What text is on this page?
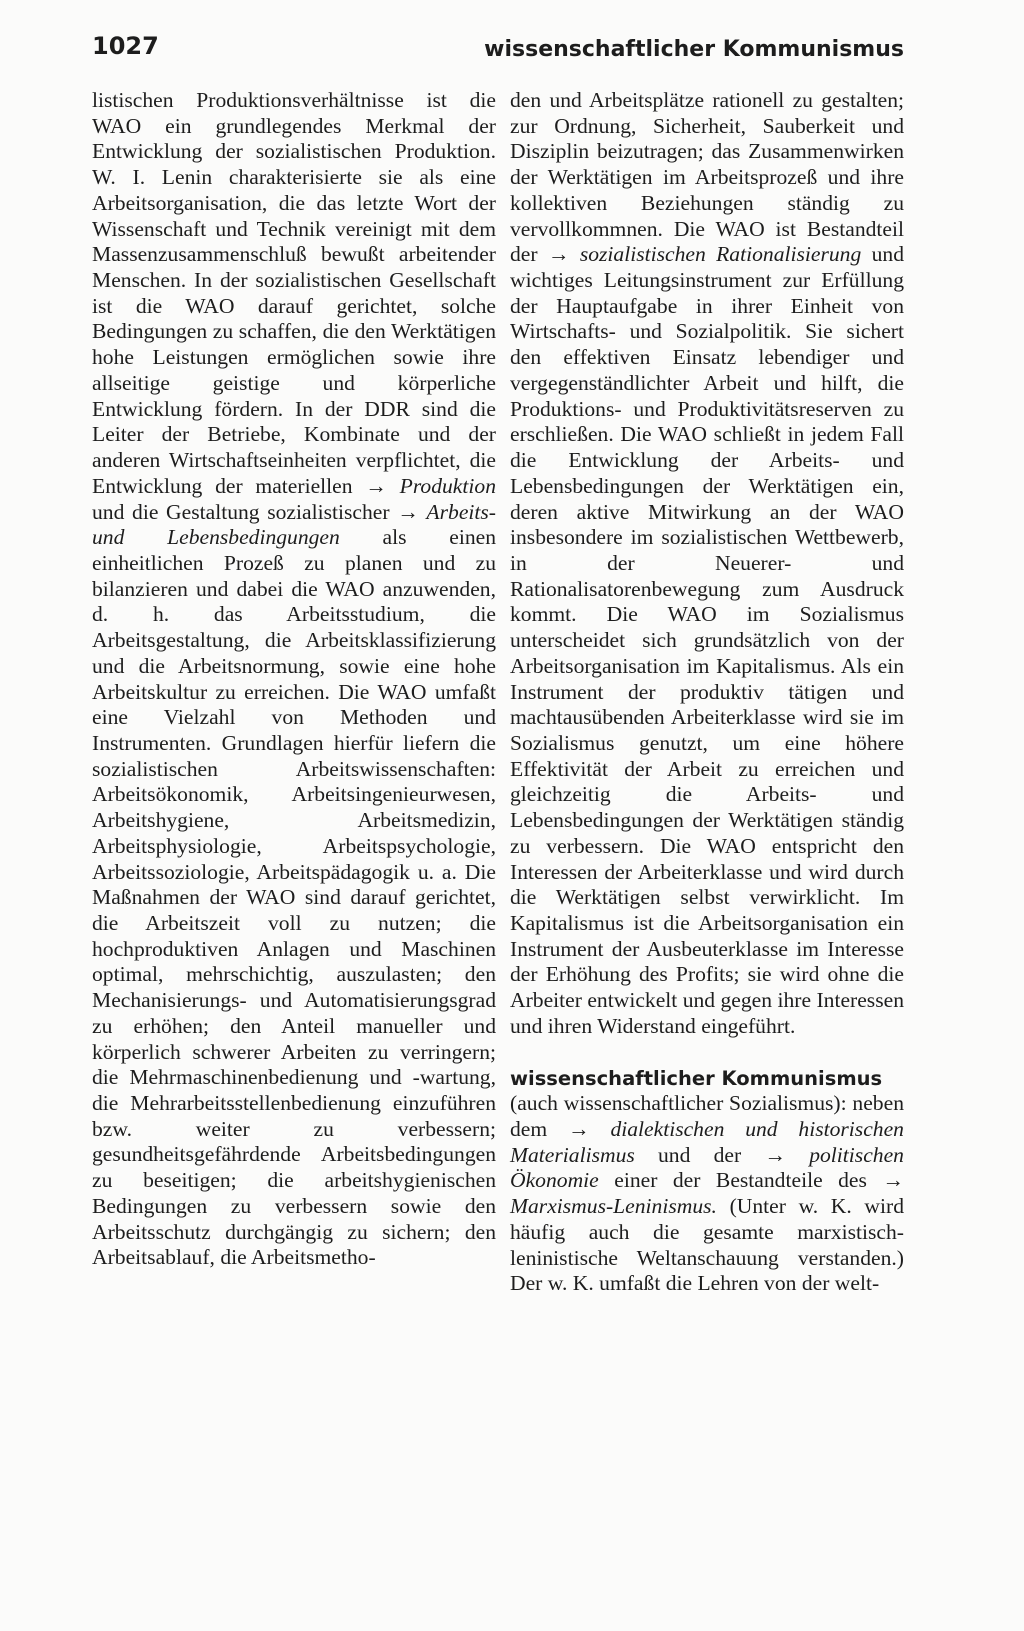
1027	wissenschaftlicher Kommunismus

listischen Produktionsverhältnisse ist die WAO ein grundlegendes Merkmal der Entwicklung der sozialistischen Produktion. W. I. Lenin charakterisierte sie als eine Arbeitsorganisation, die das letzte Wort der Wissenschaft und Technik vereinigt mit dem Massenzusammenschluß bewußt arbeitender Menschen. In der sozialistischen Gesellschaft ist die WAO darauf gerichtet, solche Bedingungen zu schaffen, die den Werktätigen hohe Leistungen ermöglichen sowie ihre allseitige geistige und körperliche Entwicklung fördern. In der DDR sind die Leiter der Betriebe, Kombinate und der anderen Wirtschaftseinheiten verpflichtet, die Entwicklung der materiellen → Produktion und die Gestaltung sozialistischer → Arbeits- und Lebensbedingungen als einen einheitlichen Prozeß zu planen und zu bilanzieren und dabei die WAO anzuwenden, d. h. das Arbeitsstudium, die Arbeitsgestaltung, die Arbeitsklassifizierung und die Arbeitsnormung, sowie eine hohe Arbeitskultur zu erreichen. Die WAO umfaßt eine Vielzahl von Methoden und Instrumenten. Grundlagen hierfür liefern die sozialistischen Arbeitswissenschaften: Arbeitsökonomik, Arbeitsingenieurwesen, Arbeitshygiene, Arbeitsmedizin, Arbeitsphysiologie, Arbeitspsychologie, Arbeitssoziologie, Arbeitspädagogik u. a. Die Maßnahmen der WAO sind darauf gerichtet, die Arbeitszeit voll zu nutzen; die hochproduktiven Anlagen und Maschinen optimal, mehrschichtig, auszulasten; den Mechanisierungs- und Automatisierungsgrad zu erhöhen; den Anteil manueller und körperlich schwerer Arbeiten zu verringern; die Mehrmaschinenbedienung und -wartung, die Mehrarbeitsstellenbedienung einzuführen bzw. weiter zu verbessern; gesundheitsgefährdende Arbeitsbedingungen zu beseitigen; die arbeitshygienischen Bedingungen zu verbessern sowie den Arbeitsschutz durchgängig zu sichern; den Arbeitsablauf, die Arbeitsmetho-

den und Arbeitsplätze rationell zu gestalten; zur Ordnung, Sicherheit, Sauberkeit und Disziplin beizutragen; das Zusammenwirken der Werktätigen im Arbeitsprozeß und ihre kollektiven Beziehungen ständig zu vervollkommnen. Die WAO ist Bestandteil der → sozialistischen Rationalisierung und wichtiges Leitungsinstrument zur Erfüllung der Hauptaufgabe in ihrer Einheit von Wirtschafts- und Sozialpolitik. Sie sichert den effektiven Einsatz lebendiger und vergegenständlichter Arbeit und hilft, die Produktions- und Produktivitätsreserven zu erschließen. Die WAO schließt in jedem Fall die Entwicklung der Arbeits- und Lebensbedingungen der Werktätigen ein, deren aktive Mitwirkung an der WAO insbesondere im sozialistischen Wettbewerb, in der Neuerer- und Rationalisatorenbewegung zum Ausdruck kommt. Die WAO im Sozialismus unterscheidet sich grundsätzlich von der Arbeitsorganisation im Kapitalismus. Als ein Instrument der produktiv tätigen und machtausübenden Arbeiterklasse wird sie im Sozialismus genutzt, um eine höhere Effektivität der Arbeit zu erreichen und gleichzeitig die Arbeits- und Lebensbedingungen der Werktätigen ständig zu verbessern. Die WAO entspricht den Interessen der Arbeiterklasse und wird durch die Werktätigen selbst verwirklicht. Im Kapitalismus ist die Arbeitsorganisation ein Instrument der Ausbeuterklasse im Interesse der Erhöhung des Profits; sie wird ohne die Arbeiter entwickelt und gegen ihre Interessen und ihren Widerstand eingeführt.

wissenschaftlicher Kommunismus
(auch wissenschaftlicher Sozialismus): neben dem → dialektischen und historischen Materialismus und der → politischen Ökonomie einer der Bestandteile des → Marxismus-Leninismus. (Unter w. K. wird häufig auch die gesamte marxistisch-leninistische Weltanschauung verstanden.) Der w. K. umfaßt die Lehren von der welt-
